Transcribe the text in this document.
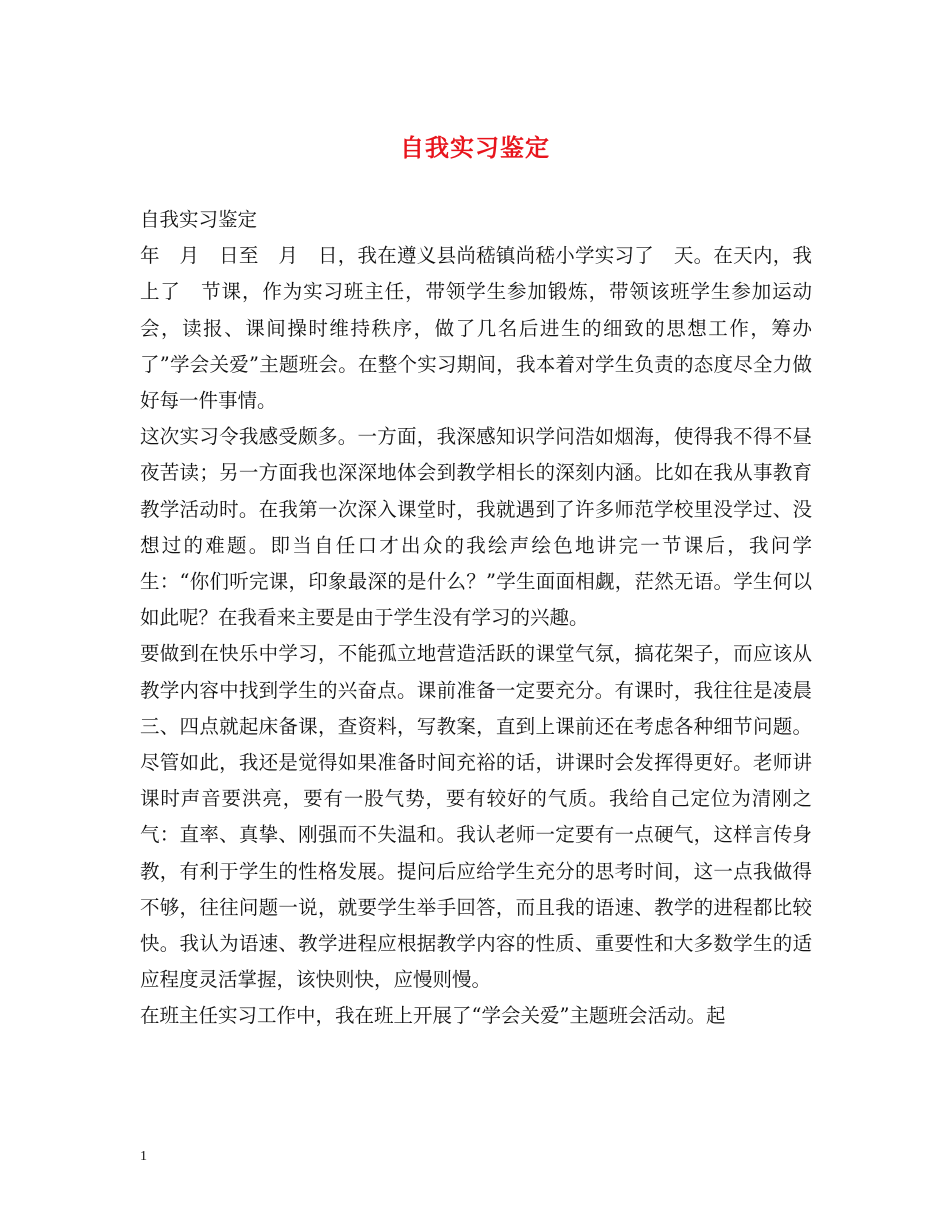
自我实习鉴定

自我实习鉴定

年　月　日至　月　日，我在遵义县尚嵇镇尚嵇小学实习了　天。在天内，我上了　节课，作为实习班主任，带领学生参加锻炼，带领该班学生参加运动会，读报、课间操时维持秩序，做了几名后进生的细致的思想工作，筹办了”学会关爱”主题班会。在整个实习期间，我本着对学生负责的态度尽全力做好每一件事情。

这次实习令我感受颇多。一方面，我深感知识学问浩如烟海，使得我不得不昼夜苦读；另一方面我也深深地体会到教学相长的深刻内涵。比如在我从事教育教学活动时。在我第一次深入课堂时，我就遇到了许多师范学校里没学过、没想过的难题。即当自任口才出众的我绘声绘色地讲完一节课后，我问学生：“你们听完课，印象最深的是什么？”学生面面相觑，茫然无语。学生何以如此呢？在我看来主要是由于学生没有学习的兴趣。

要做到在快乐中学习，不能孤立地营造活跃的课堂气氛，搞花架子，而应该从教学内容中找到学生的兴奋点。课前准备一定要充分。有课时，我往往是凌晨三、四点就起床备课，查资料，写教案，直到上课前还在考虑各种细节问题。尽管如此，我还是觉得如果准备时间充裕的话，讲课时会发挥得更好。老师讲课时声音要洪亮，要有一股气势，要有较好的气质。我给自己定位为清刚之气：直率、真挚、刚强而不失温和。我认老师一定要有一点硬气，这样言传身教，有利于学生的性格发展。提问后应给学生充分的思考时间，这一点我做得不够，往往问题一说，就要学生举手回答，而且我的语速、教学的进程都比较快。我认为语速、教学进程应根据教学内容的性质、重要性和大多数学生的适应程度灵活掌握，该快则快，应慢则慢。

在班主任实习工作中，我在班上开展了“学会关爱”主题班会活动。起

1
